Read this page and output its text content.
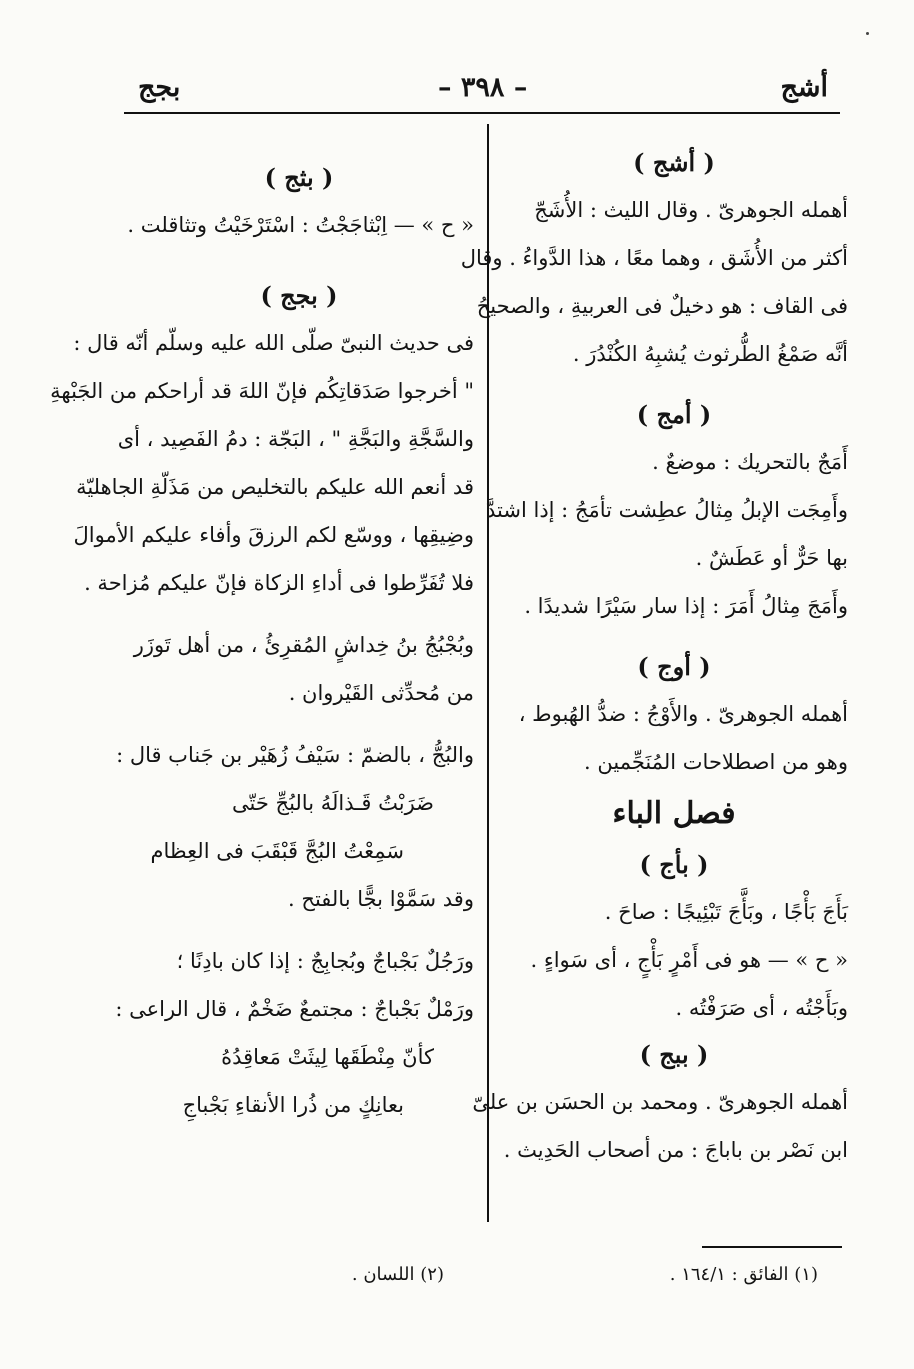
أشج
– ٣٩٨ –
بجج
( أشج )
أهمله الجوهرىّ . وقال الليث : الأُشَجّ
أكثر من الأُشَق ، وهما معًا ، هذا الدَّواءُ . وقال
فى القاف : هو دخيلٌ فى العربيةِ ، والصحيحُ
أنَّه صَمْغُ الطُّرثوث يُشبِهُ الكُنْدُرَ .
( أمج )
أَمَجٌ بالتحريك : موضعٌ .
وأَمِجَت الإبلُ مِثالُ عطِشت تأمَجُ : إذا اشتدَّ
بها حَرٌّ أو عَطَشٌ .
وأَمَجَ مِثالُ أَمَرَ : إذا سار سَيْرًا شديدًا .
( أوج )
أهمله الجوهرىّ . والأَوْجُ : ضدُّ الهُبوط ،
وهو من اصطلاحات المُنَجِّمين .
فصل الباء
( بأج )
بَأَجَ بَأْجًا ، وبَأَّجَ تَبْئِيجًا : صاحَ .
« ح » — هو فى أَمْرٍ بَأْجٍ ، أى سَواءٍ .
وبَأَجْتُه ، أى صَرَفْتُه .
( ببج )
أهمله الجوهرىّ . ومحمد بن الحسَن بن علىّ
ابن نَصْر بن باباجَ : من أصحاب الحَدِيث .
(١) الفائق : ١٦٤/١ .
( بثج )
« ح » — اِبْثاجَجْتُ : اسْتَرْخَيْتُ وتثاقلت .
( بجج )
فى حديث النبىّ صلّى الله عليه وسلّم أنّه قال :
" أخرجوا صَدَقاتِكُم فإنّ اللهَ قد أراحكم من الجَبْهةِ
والسَّجَّةِ والبَجَّةِ " ، البَجّة : دمُ الفَصِيد ، أى
قد أنعم الله عليكم بالتخليص من مَذَلّةِ الجاهليّة
وضِيقِها ، ووسّع لكم الرزقَ وأفاء عليكم الأموالَ
فلا تُفَرِّطوا فى أداءِ الزكاة فإنّ عليكم مُزاحة .
وبُجْبُجُ بنُ خِداشٍ المُقرِئُ ، من أهل تَوزَر
من مُحدِّثى القَيْروان .
والبُجُّ ، بالضمّ : سَيْفُ زُهَيْر بن جَناب قال :
ضَرَبْتُ قَـذالَهُ بالبُجِّ حَتّى
سَمِعْتُ البُجَّ قَبْقَبَ فى العِظام
وقد سَمَّوْا بجًّا بالفتح .
ورَجُلٌ بَجْباجٌ وبُجابِجٌ : إذا كان بادِنًا ؛
ورَمْلٌ بَجْباجٌ : مجتمعٌ ضَخْمٌ ، قال الراعى :
كأنّ مِنْطَقَها لِيثَتْ مَعاقِدُهُ
بعانِكٍ من ذُرا الأنقاءِ بَجْباجِ
(٢) اللسان .
